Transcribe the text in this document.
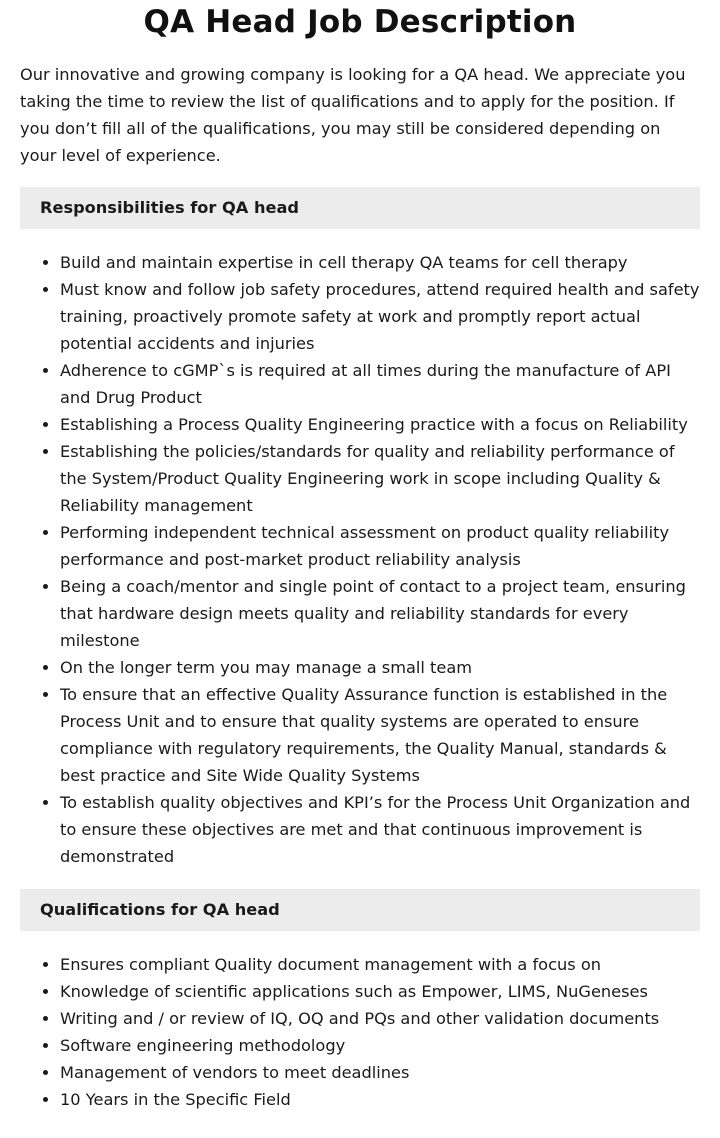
QA Head Job Description

Our innovative and growing company is looking for a QA head. We appreciate you taking the time to review the list of qualifications and to apply for the position. If you don’t fill all of the qualifications, you may still be considered depending on your level of experience.

Responsibilities for QA head
Build and maintain expertise in cell therapy QA teams for cell therapy
Must know and follow job safety procedures, attend required health and safety training, proactively promote safety at work and promptly report actual potential accidents and injuries
Adherence to cGMP`s is required at all times during the manufacture of API and Drug Product
Establishing a Process Quality Engineering practice with a focus on Reliability
Establishing the policies/standards for quality and reliability performance of the System/Product Quality Engineering work in scope including Quality & Reliability management
Performing independent technical assessment on product quality reliability performance and post-market product reliability analysis
Being a coach/mentor and single point of contact to a project team, ensuring that hardware design meets quality and reliability standards for every milestone
On the longer term you may manage a small team
To ensure that an effective Quality Assurance function is established in the Process Unit and to ensure that quality systems are operated to ensure compliance with regulatory requirements, the Quality Manual, standards & best practice and Site Wide Quality Systems
To establish quality objectives and KPI’s for the Process Unit Organization and to ensure these objectives are met and that continuous improvement is demonstrated
Qualifications for QA head
Ensures compliant Quality document management with a focus on
Knowledge of scientific applications such as Empower, LIMS, NuGeneses
Writing and / or review of IQ, OQ and PQs and other validation documents
Software engineering methodology
Management of vendors to meet deadlines
10 Years in the Specific Field
